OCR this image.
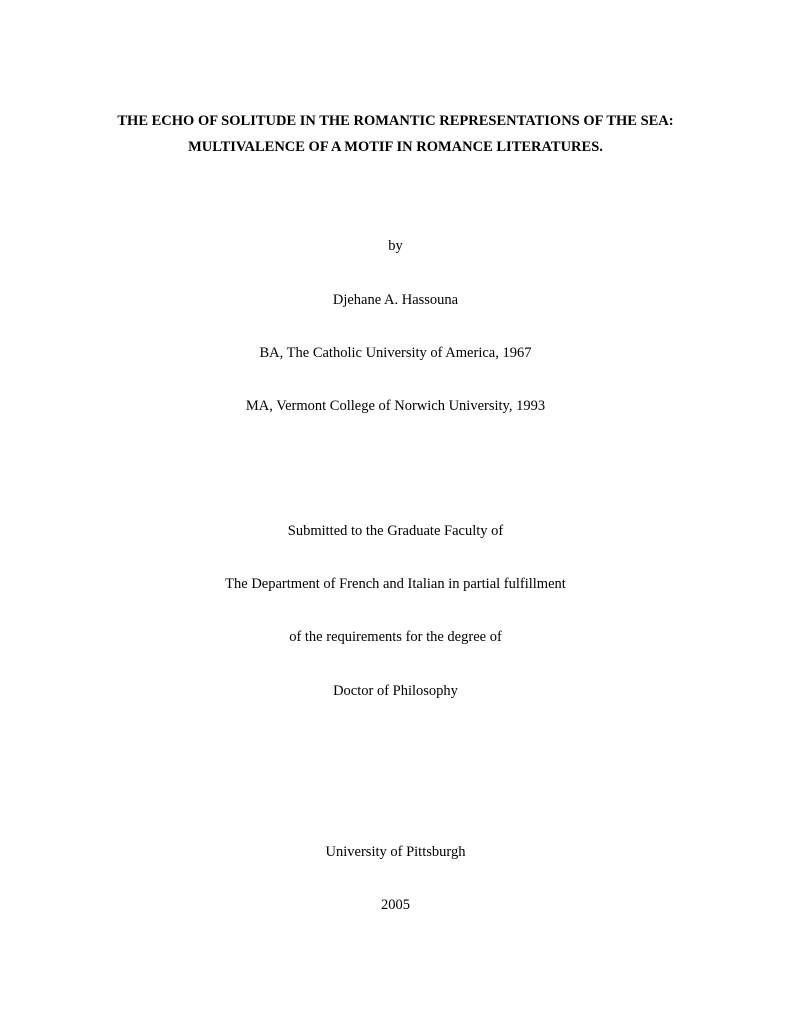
THE ECHO OF SOLITUDE IN THE ROMANTIC REPRESENTATIONS OF THE SEA:
MULTIVALENCE OF A MOTIF IN ROMANCE LITERATURES.
by
Djehane A. Hassouna
BA, The Catholic University of America, 1967
MA, Vermont College of Norwich University, 1993
Submitted to the Graduate Faculty of
The Department of French and Italian in partial fulfillment
of the requirements for the degree of
Doctor of Philosophy
University of Pittsburgh
2005
